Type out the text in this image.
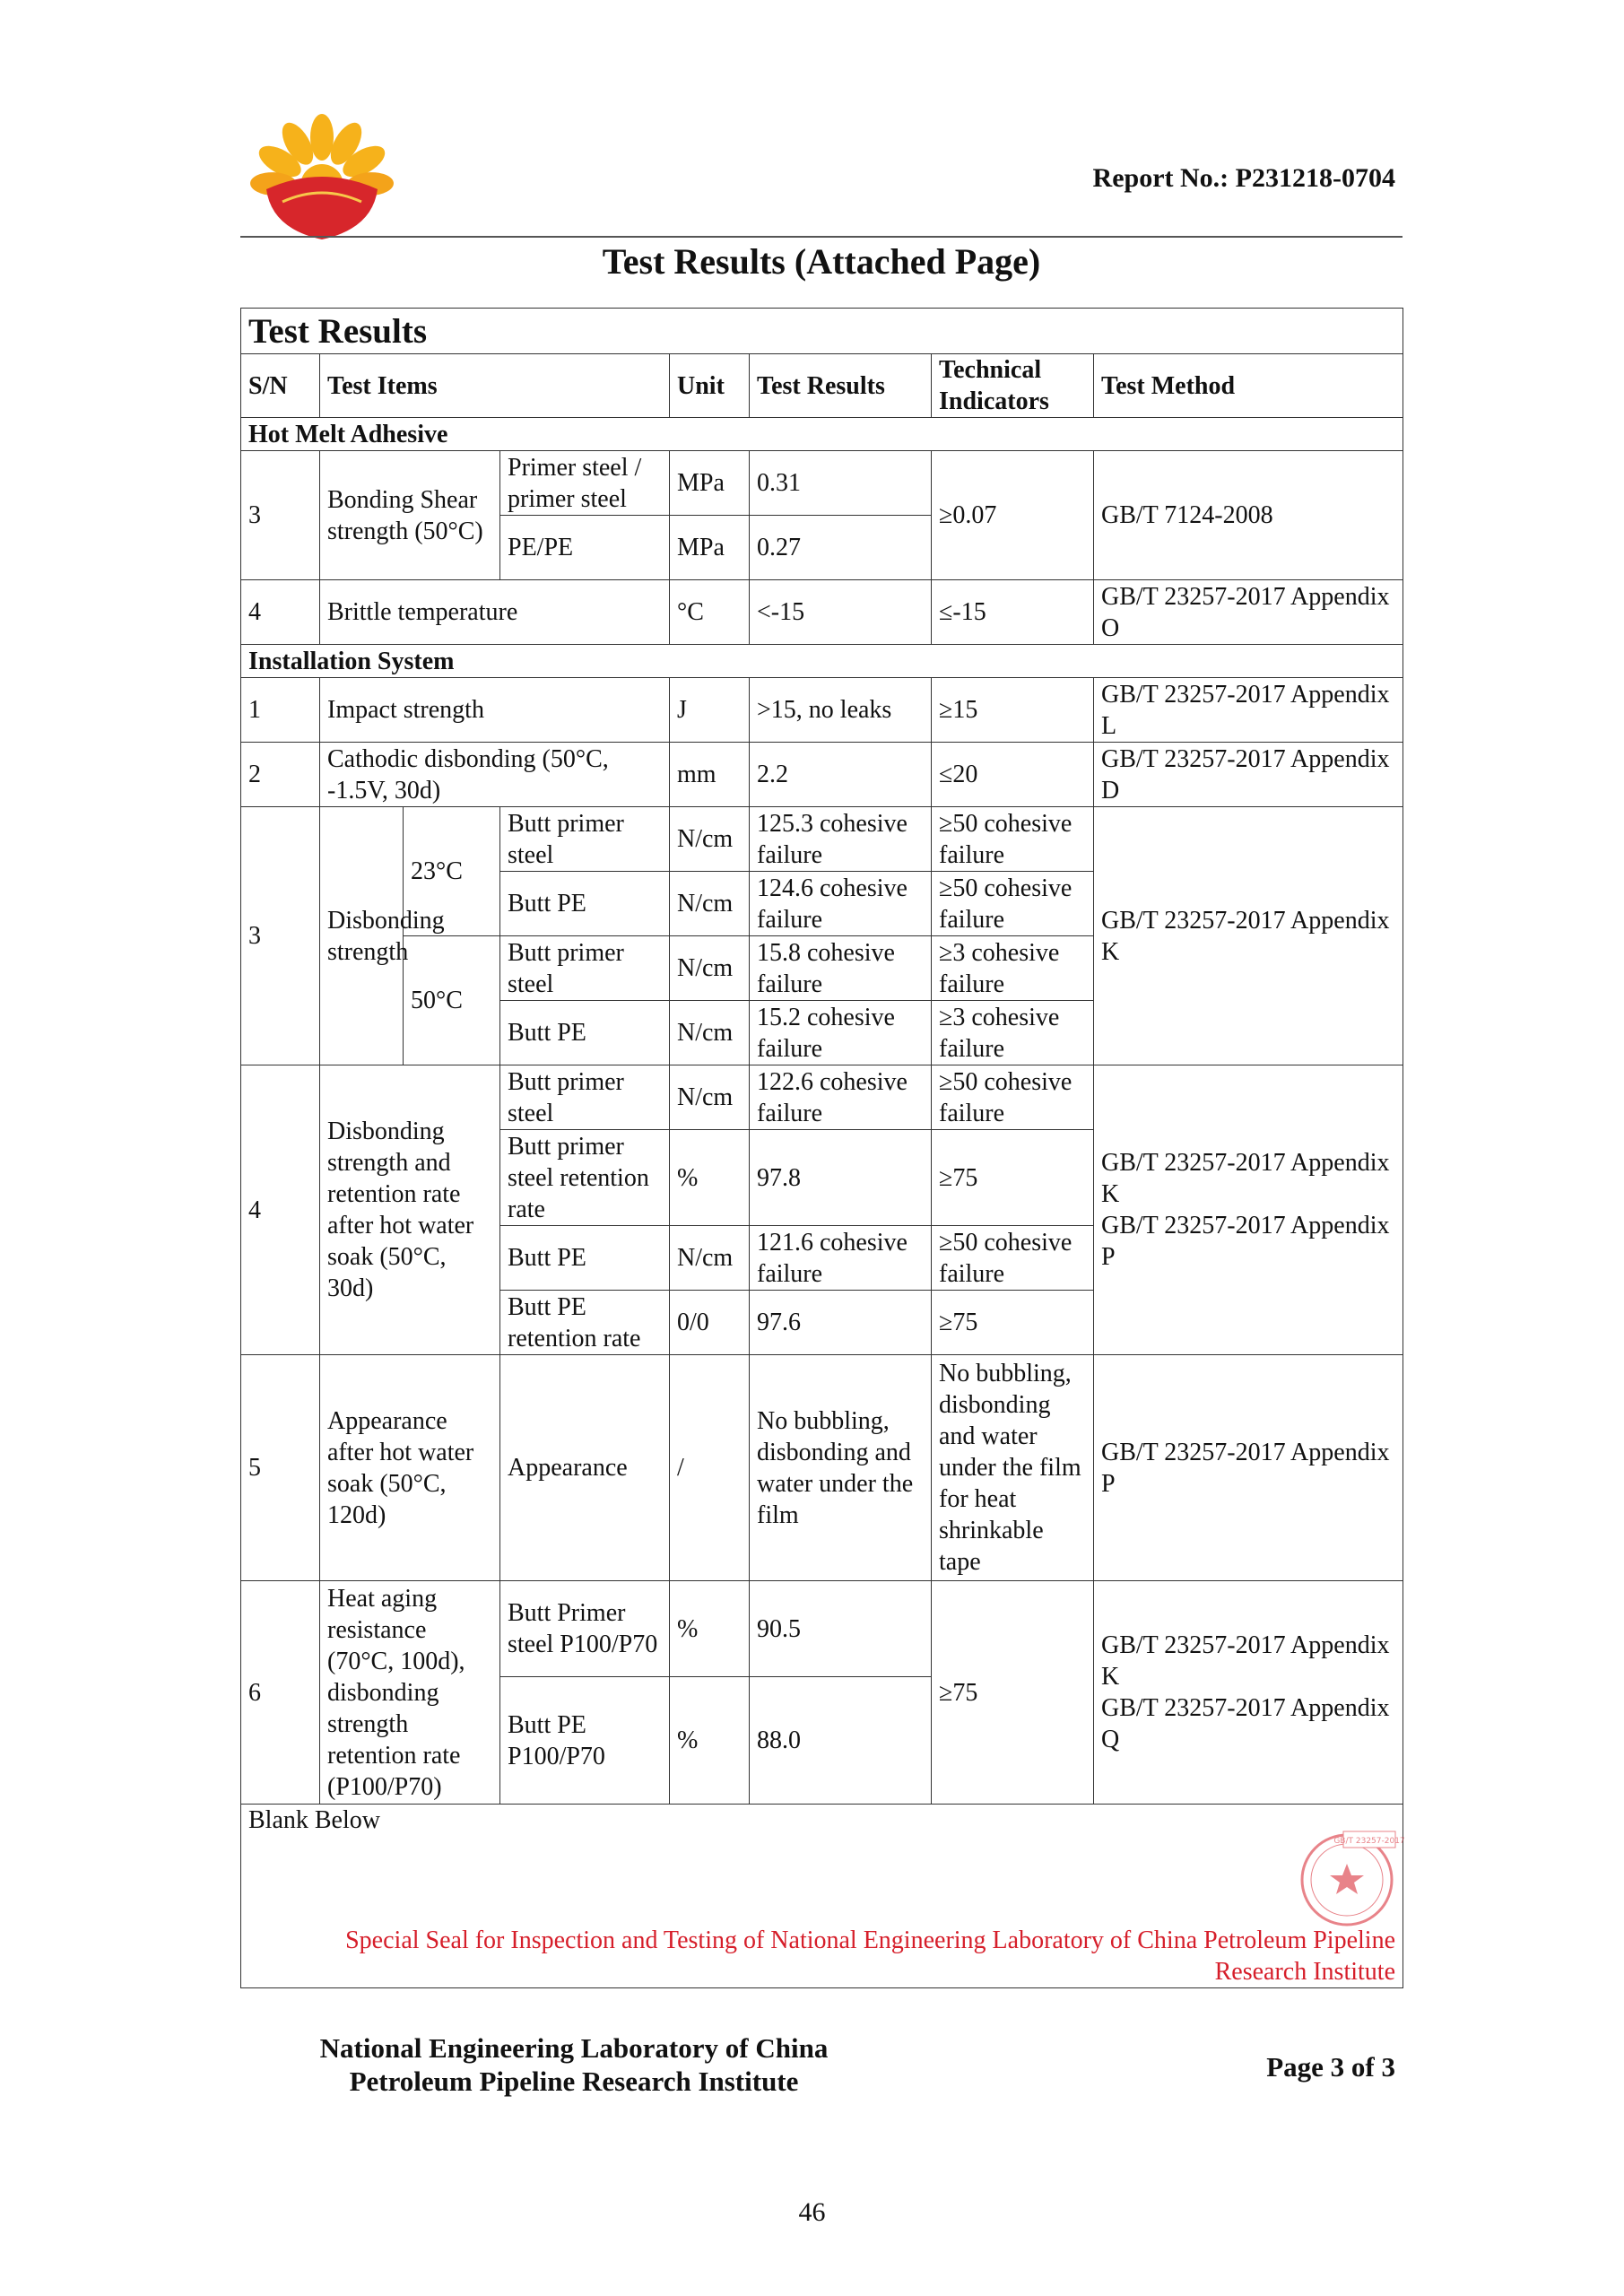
Report No.: P231218-0704
Test Results (Attached Page)
Test Results							
S/N	Test Items			Unit	Test Results	Technical Indicators	Test Method
Hot Melt Adhesive							
3	Bonding Shear strength (50°C)		Primer steel / primer steel	MPa	0.31	≥0.07	GB/T 7124-2008
			PE/PE	MPa	0.27		
4	Brittle temperature			°C	<-15	≤-15	GB/T 23257-2017 Appendix O
Installation System							
1	Impact strength			J	>15, no leaks	≥15	GB/T 23257-2017 Appendix L
2	Cathodic disbonding (50°C, -1.5V, 30d)			mm	2.2	≤20	GB/T 23257-2017 Appendix D
3	Disbonding strength	23°C	Butt primer steel	N/cm	125.3 cohesive failure	≥50 cohesive failure	GB/T 23257-2017 Appendix K
			Butt PE	N/cm	124.6 cohesive failure	≥50 cohesive failure	
		50°C	Butt primer steel	N/cm	15.8 cohesive failure	≥3 cohesive failure	
			Butt PE	N/cm	15.2 cohesive failure	≥3 cohesive failure	
4	Disbonding strength and retention rate after hot water soak (50°C, 30d)		Butt primer steel	N/cm	122.6 cohesive failure	≥50 cohesive failure	GB/T 23257-2017 Appendix K
GB/T 23257-2017 Appendix P

			Butt primer steel retention rate	%	97.8	≥75	
			Butt PE	N/cm	121.6 cohesive failure	≥50 cohesive failure	
			Butt PE retention rate	0/0	97.6	≥75	
5	Appearance after hot water soak (50°C, 120d)		Appearance	/	No bubbling, disbonding and water under the film	No bubbling, disbonding and water under the film for heat shrinkable tape	GB/T 23257-2017 Appendix P
6	Heat aging resistance (70°C, 100d), disbonding strength retention rate (P100/P70)		Butt Primer steel P100/P70	%	90.5	≥75	GB/T 23257-2017 Appendix K
GB/T 23257-2017 Appendix Q

			Butt PE P100/P70	%	88.0		

Blank Below
GB/T 23257-2017
Special Seal for Inspection and Testing of National Engineering Laboratory of China Petroleum Pipeline Research Institute							
National Engineering Laboratory of China
Petroleum Pipeline Research Institute	Page 3 of 3
46
